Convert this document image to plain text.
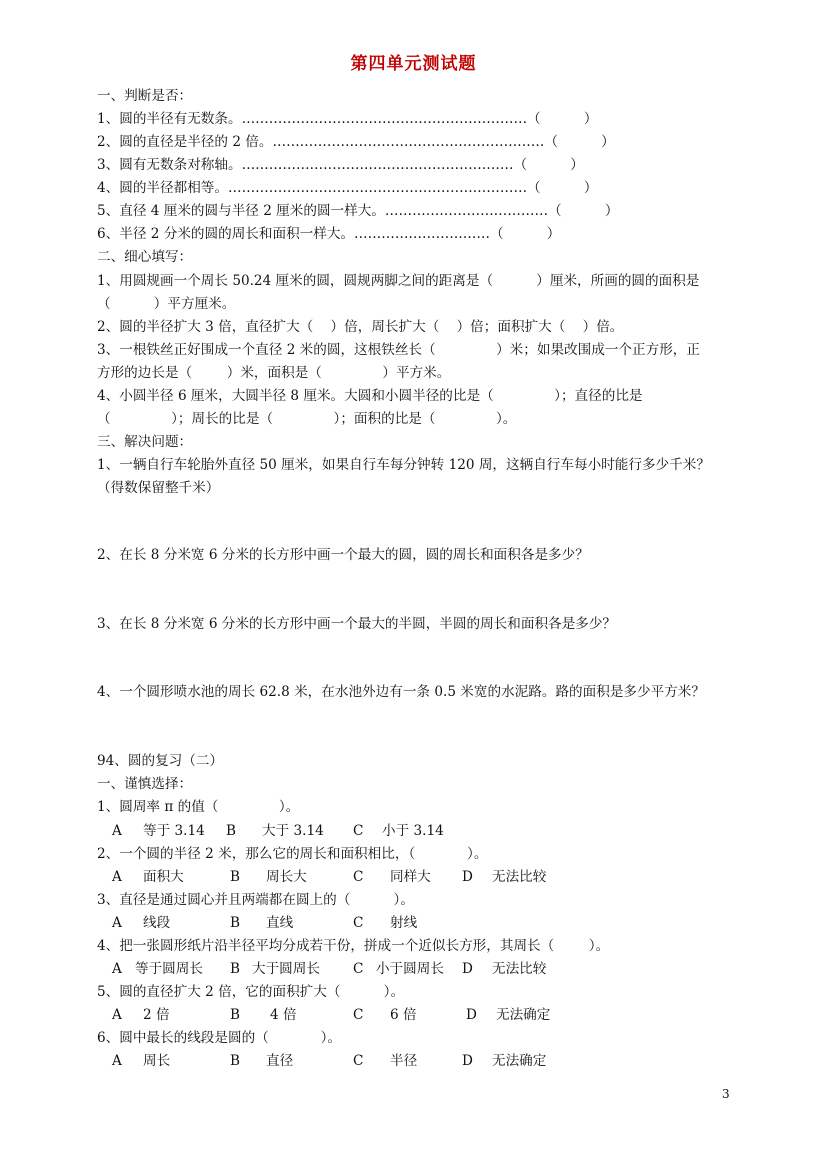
第四单元测试题
一、判断是否：
1、圆的半径有无数条。………………………………………………………（          ）
2、圆的直径是半径的 2 倍。……………………………………………………（          ）
3、圆有无数条对称轴。……………………………………………………（          ）
4、圆的半径都相等。…………………………………………………………（          ）
5、直径 4 厘米的圆与半径 2 厘米的圆一样大。………………………………（          ）
6、半径 2 分米的圆的周长和面积一样大。…………………………（          ）
二、细心填写：
1、用圆规画一个周长 50.24 厘米的圆，圆规两脚之间的距离是（          ）厘米，所画的圆的面积是
（          ）平方厘米。
2、圆的半径扩大 3 倍，直径扩大（    ）倍，周长扩大（    ）倍；面积扩大（    ）倍。
3、一根铁丝正好围成一个直径 2 米的圆，这根铁丝长（              ）米；如果改围成一个正方形，正
方形的边长是（        ）米，面积是（              ）平方米。
4、小圆半径 6 厘米，大圆半径 8 厘米。大圆和小圆半径的比是（              ）；直径的比是
（              ）；周长的比是（              ）；面积的比是（              ）。
三、解决问题：
1、一辆自行车轮胎外直径 50 厘米，如果自行车每分钟转 120 周，这辆自行车每小时能行多少千米？
（得数保留整千米）
2、在长 8 分米宽 6 分米的长方形中画一个最大的圆，圆的周长和面积各是多少？
3、在长 8 分米宽 6 分米的长方形中画一个最大的半圆，半圆的周长和面积各是多少？
4、一个圆形喷水池的周长 62.8 米，在水池外边有一条 0.5 米宽的水泥路。路的面积是多少平方米？
94、圆的复习（二）
一、谨慎选择：
1、圆周率 π 的值（              ）。
A 等于 3.14 B 大于 3.14 C 小于 3.14
2、一个圆的半径 2 米，那么它的周长和面积相比，（            ）。
A 面积大	B 周长大	C 同样大 D 无法比较
3、直径是通过圆心并且两端都在圆上的（          ）。
A 线段	B 直线	C 射线
4、把一张圆形纸片沿半径平均分成若干份，拼成一个近似长方形，其周长（        ）。
A 等于圆周长 B 大于圆周长 C 小于圆周长 D 无法比较
5、圆的直径扩大 2 倍，它的面积扩大（          ）。
A 2 倍	B 4 倍	C 6 倍	D 无法确定
6、圆中最长的线段是圆的（            ）。
A 周长	B 直径	C 半径	D 无法确定
3
